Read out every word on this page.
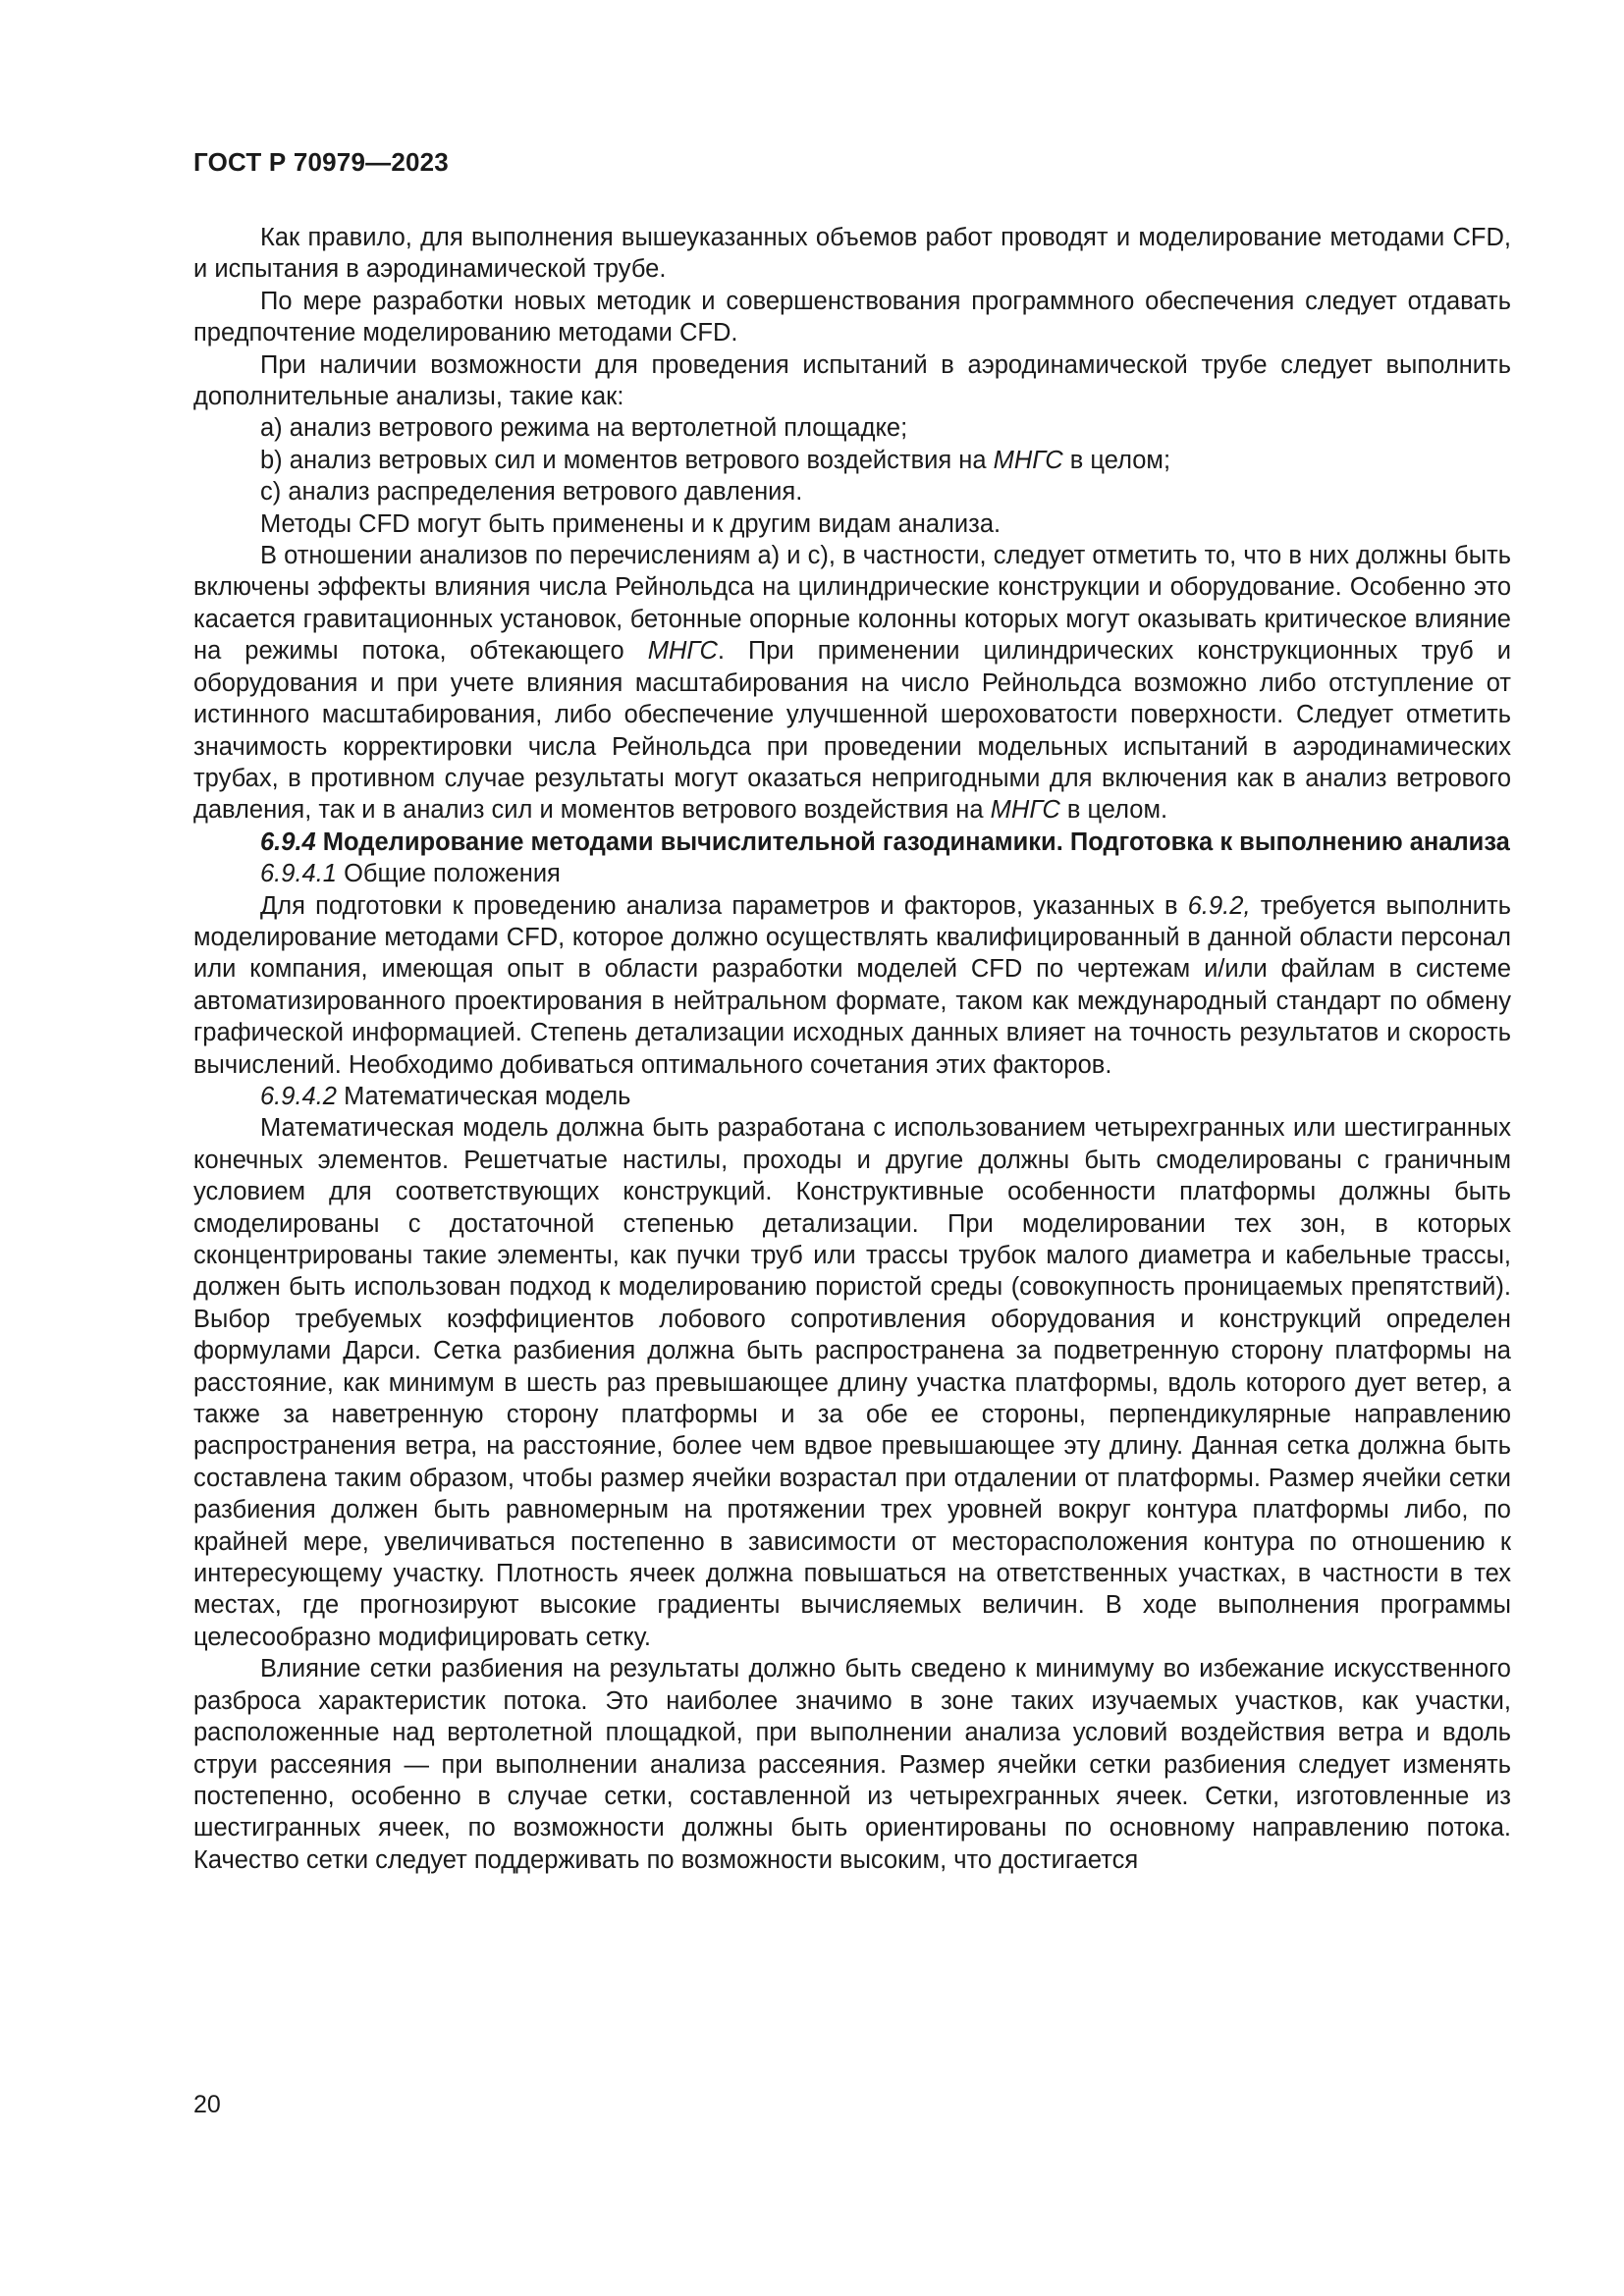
ГОСТ Р 70979—2023

Как правило, для выполнения вышеуказанных объемов работ проводят и моделирование методами CFD, и испытания в аэродинамической трубе.

По мере разработки новых методик и совершенствования программного обеспечения следует отдавать предпочтение моделированию методами CFD.

При наличии возможности для проведения испытаний в аэродинамической трубе следует выполнить дополнительные анализы, такие как:

a) анализ ветрового режима на вертолетной площадке;

b) анализ ветровых сил и моментов ветрового воздействия на МНГС в целом;

c) анализ распределения ветрового давления.

Методы CFD могут быть применены и к другим видам анализа.

В отношении анализов по перечислениям a) и c), в частности, следует отметить то, что в них должны быть включены эффекты влияния числа Рейнольдса на цилиндрические конструкции и оборудование. Особенно это касается гравитационных установок, бетонные опорные колонны которых могут оказывать критическое влияние на режимы потока, обтекающего МНГС. При применении цилиндрических конструкционных труб и оборудования и при учете влияния масштабирования на число Рейнольдса возможно либо отступление от истинного масштабирования, либо обеспечение улучшенной шероховатости поверхности. Следует отметить значимость корректировки числа Рейнольдса при проведении модельных испытаний в аэродинамических трубах, в противном случае результаты могут оказаться непригодными для включения как в анализ ветрового давления, так и в анализ сил и моментов ветрового воздействия на МНГС в целом.

6.9.4 Моделирование методами вычислительной газодинамики. Подготовка к выполнению анализа

6.9.4.1 Общие положения

Для подготовки к проведению анализа параметров и факторов, указанных в 6.9.2, требуется выполнить моделирование методами CFD, которое должно осуществлять квалифицированный в данной области персонал или компания, имеющая опыт в области разработки моделей CFD по чертежам и/или файлам в системе автоматизированного проектирования в нейтральном формате, таком как международный стандарт по обмену графической информацией. Степень детализации исходных данных влияет на точность результатов и скорость вычислений. Необходимо добиваться оптимального сочетания этих факторов.

6.9.4.2 Математическая модель

Математическая модель должна быть разработана с использованием четырехгранных или шестигранных конечных элементов. Решетчатые настилы, проходы и другие должны быть смоделированы с граничным условием для соответствующих конструкций. Конструктивные особенности платформы должны быть смоделированы с достаточной степенью детализации. При моделировании тех зон, в которых сконцентрированы такие элементы, как пучки труб или трассы трубок малого диаметра и кабельные трассы, должен быть использован подход к моделированию пористой среды (совокупность проницаемых препятствий). Выбор требуемых коэффициентов лобового сопротивления оборудования и конструкций определен формулами Дарси. Сетка разбиения должна быть распространена за подветренную сторону платформы на расстояние, как минимум в шесть раз превышающее длину участка платформы, вдоль которого дует ветер, а также за наветренную сторону платформы и за обе ее стороны, перпендикулярные направлению распространения ветра, на расстояние, более чем вдвое превышающее эту длину. Данная сетка должна быть составлена таким образом, чтобы размер ячейки возрастал при отдалении от платформы. Размер ячейки сетки разбиения должен быть равномерным на протяжении трех уровней вокруг контура платформы либо, по крайней мере, увеличиваться постепенно в зависимости от месторасположения контура по отношению к интересующему участку. Плотность ячеек должна повышаться на ответственных участках, в частности в тех местах, где прогнозируют высокие градиенты вычисляемых величин. В ходе выполнения программы целесообразно модифицировать сетку.

Влияние сетки разбиения на результаты должно быть сведено к минимуму во избежание искусственного разброса характеристик потока. Это наиболее значимо в зоне таких изучаемых участков, как участки, расположенные над вертолетной площадкой, при выполнении анализа условий воздействия ветра и вдоль струи рассеяния — при выполнении анализа рассеяния. Размер ячейки сетки разбиения следует изменять постепенно, особенно в случае сетки, составленной из четырехгранных ячеек. Сетки, изготовленные из шестигранных ячеек, по возможности должны быть ориентированы по основному направлению потока. Качество сетки следует поддерживать по возможности высоким, что достигается

20
